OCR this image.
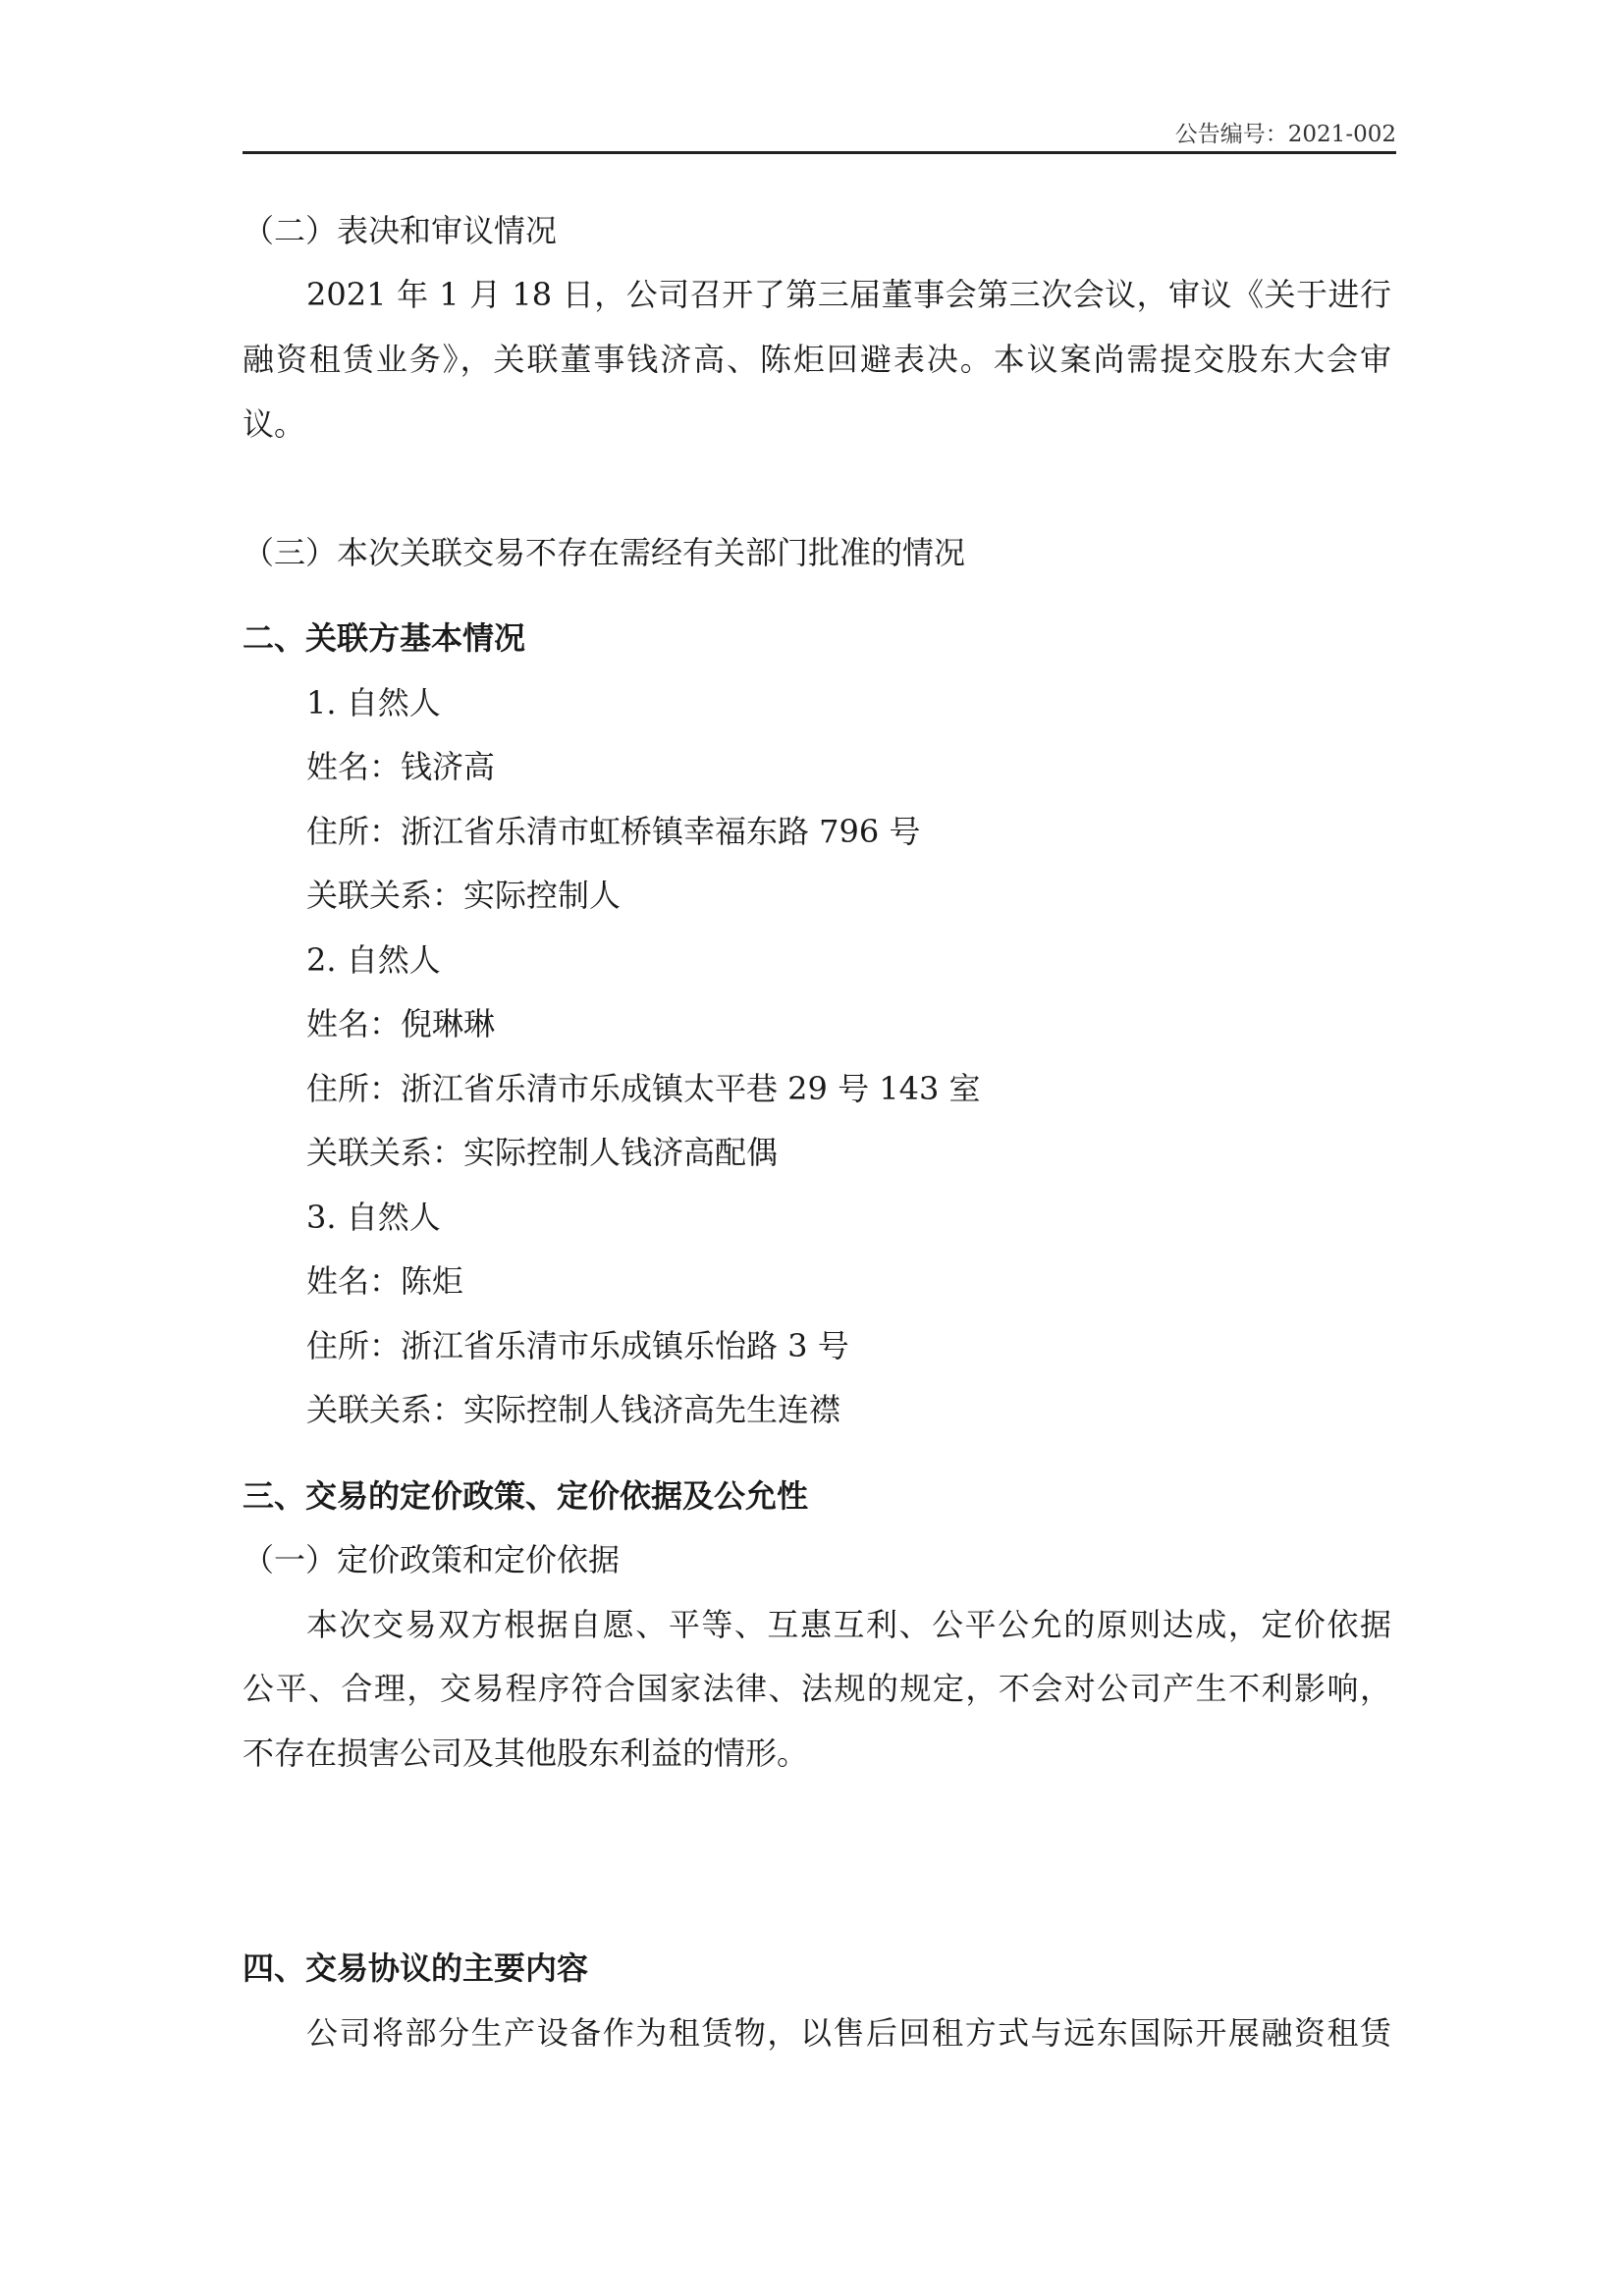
公告编号：2021-002
（二）表决和审议情况
2021 年 1 月 18 日，公司召开了第三届董事会第三次会议，审议《关于进行
融资租赁业务》，关联董事钱济高、陈炬回避表决。本议案尚需提交股东大会审
议。
（三）本次关联交易不存在需经有关部门批准的情况
二、关联方基本情况
1. 自然人
姓名：钱济高
住所：浙江省乐清市虹桥镇幸福东路 796 号
关联关系：实际控制人
2. 自然人
姓名：倪琳琳
住所：浙江省乐清市乐成镇太平巷 29 号 143 室
关联关系：实际控制人钱济高配偶
3. 自然人
姓名：陈炬
住所：浙江省乐清市乐成镇乐怡路 3 号
关联关系：实际控制人钱济高先生连襟
三、交易的定价政策、定价依据及公允性
（一）定价政策和定价依据
本次交易双方根据自愿、平等、互惠互利、公平公允的原则达成，定价依据
公平、合理，交易程序符合国家法律、法规的规定，不会对公司产生不利影响，
不存在损害公司及其他股东利益的情形。
四、交易协议的主要内容
公司将部分生产设备作为租赁物，以售后回租方式与远东国际开展融资租赁
